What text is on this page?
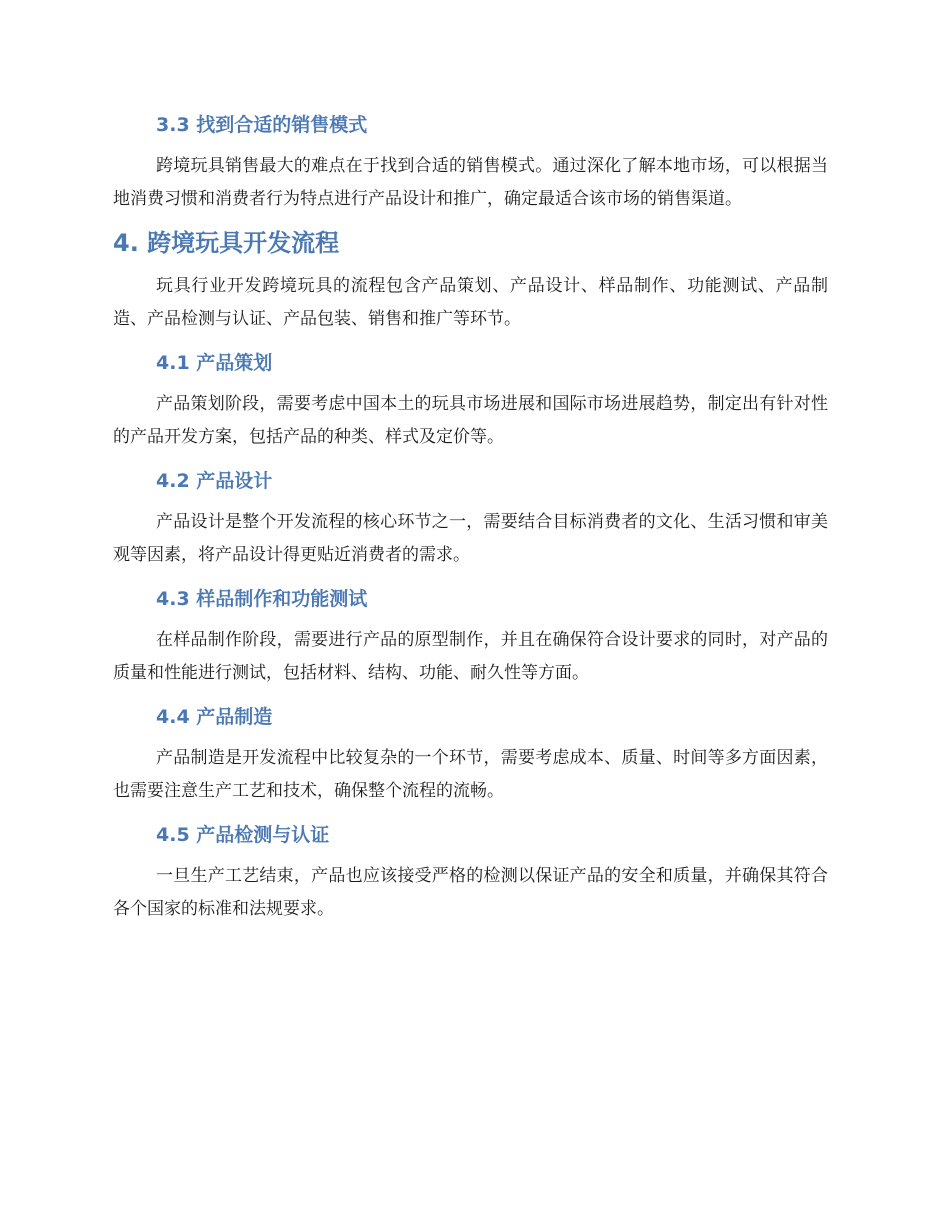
3.3 找到合适的销售模式

跨境玩具销售最大的难点在于找到合适的销售模式。通过深化了解本地市场，可以根据当地消费习惯和消费者行为特点进行产品设计和推广，确定最适合该市场的销售渠道。

4. 跨境玩具开发流程

玩具行业开发跨境玩具的流程包含产品策划、产品设计、样品制作、功能测试、产品制造、产品检测与认证、产品包装、销售和推广等环节。

4.1 产品策划

产品策划阶段，需要考虑中国本土的玩具市场进展和国际市场进展趋势，制定出有针对性的产品开发方案，包括产品的种类、样式及定价等。

4.2 产品设计

产品设计是整个开发流程的核心环节之一，需要结合目标消费者的文化、生活习惯和审美观等因素，将产品设计得更贴近消费者的需求。

4.3 样品制作和功能测试

在样品制作阶段，需要进行产品的原型制作，并且在确保符合设计要求的同时，对产品的质量和性能进行测试，包括材料、结构、功能、耐久性等方面。

4.4 产品制造

产品制造是开发流程中比较复杂的一个环节，需要考虑成本、质量、时间等多方面因素，也需要注意生产工艺和技术，确保整个流程的流畅。

4.5 产品检测与认证

一旦生产工艺结束，产品也应该接受严格的检测以保证产品的安全和质量，并确保其符合各个国家的标准和法规要求。
